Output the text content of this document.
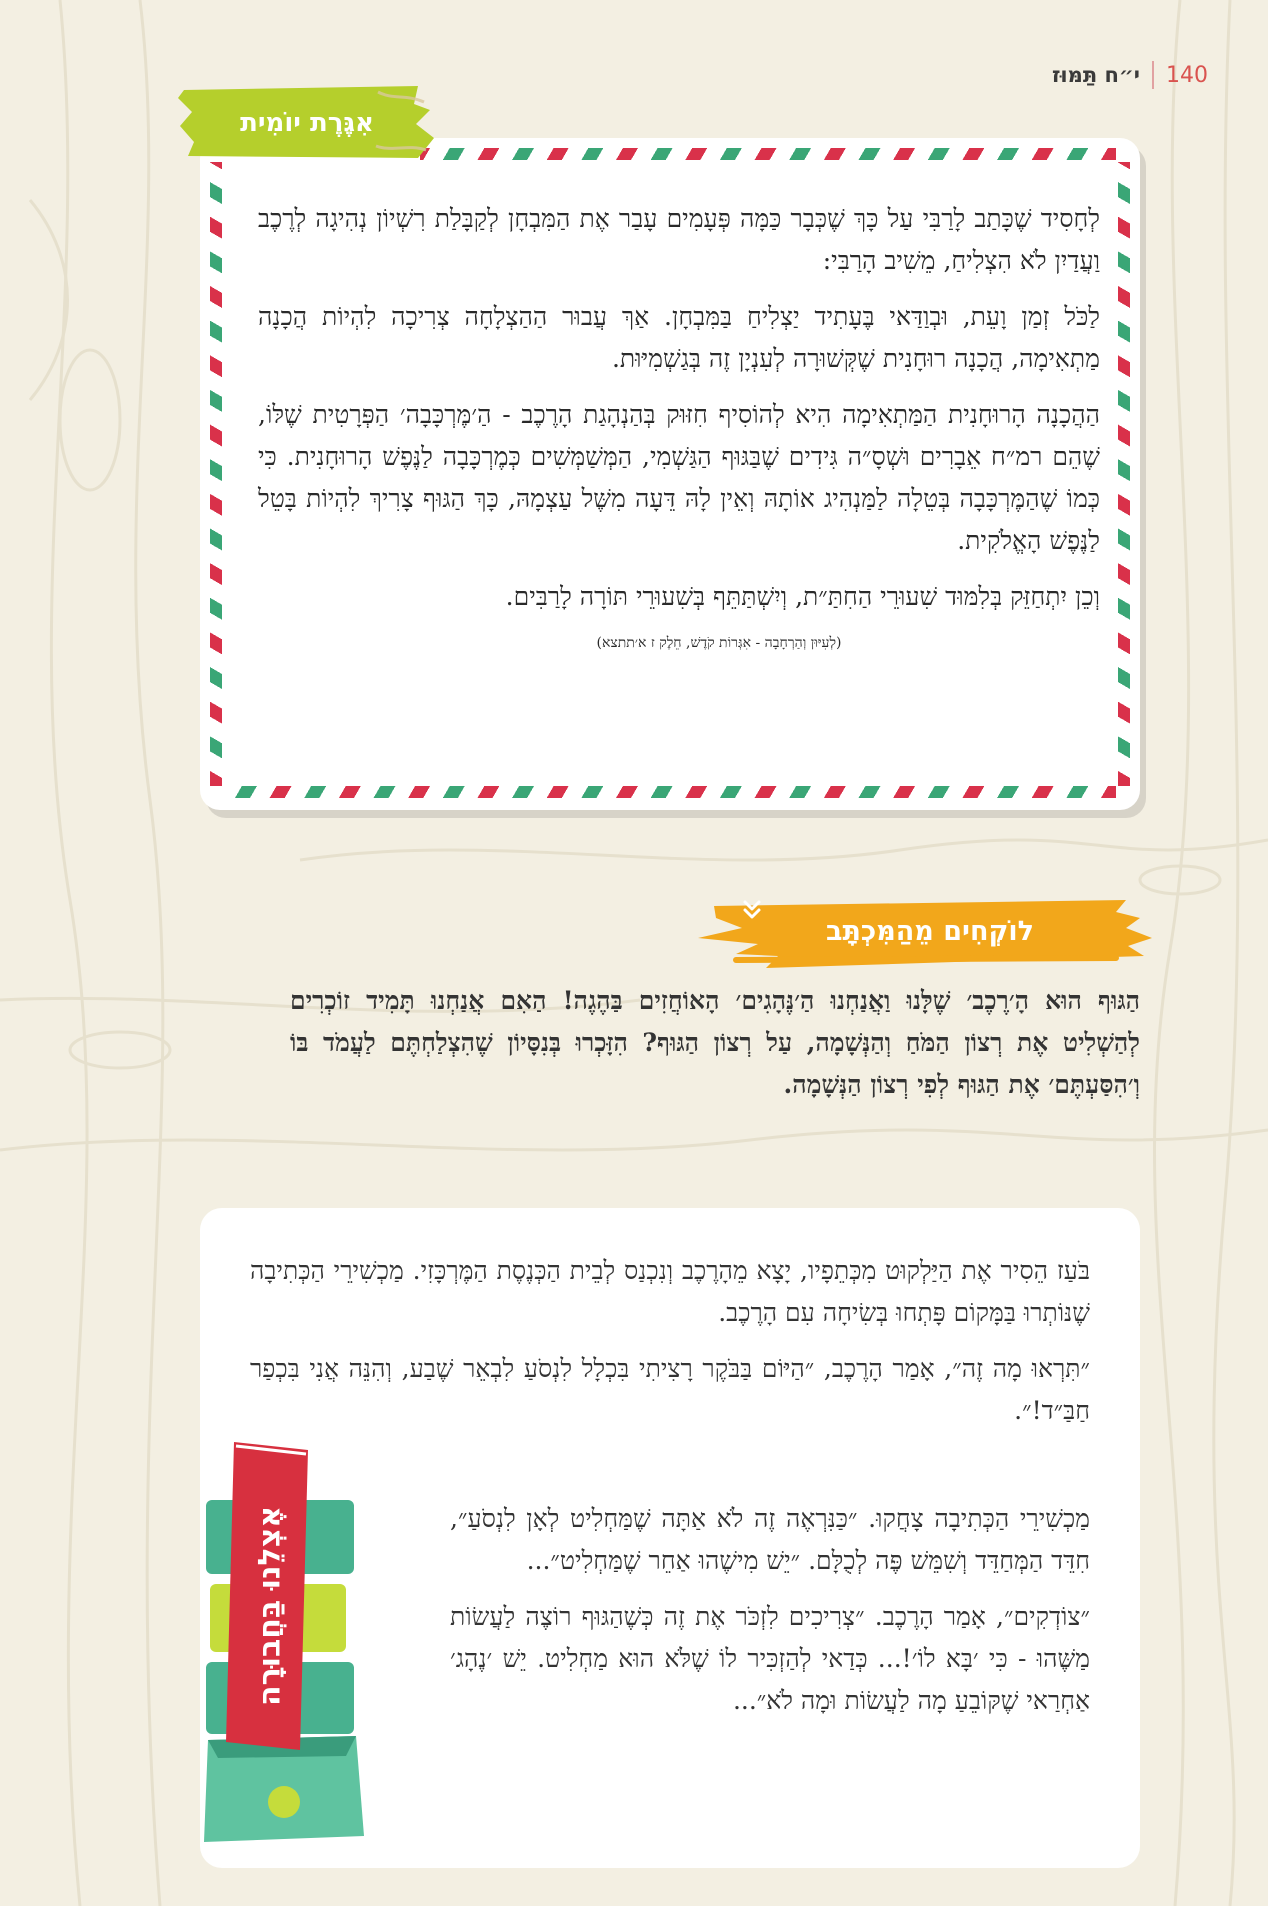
י״ח תַּמּוּז 140

לְחָסִיד שֶׁכָּתַב לָרַבִּי עַל כָּךְ שֶׁכְּבָר כַּמָּה פְּעָמִים עָבַר אֶת הַמִּבְחָן לְקַבָּלַת רִשְׁיוֹן נְהִיגָה לְרֶכֶב וַעֲדַיִן לֹא הִצְלִיחַ, מֵשִׁיב הָרַבִּי:

לַכֹּל זְמַן וָעֵת, וּבְוַדַּאי בֶּעָתִיד יַצְלִיחַ בַּמִּבְחָן. אַךְ עֲבוּר הַהַצְלָחָה צְרִיכָה לִהְיוֹת הֲכָנָה מַתְאִימָה, הֲכָנָה רוּחָנִית שֶׁקְּשׁוּרָה לְעִנְיָן זֶה בְּגַשְׁמִיּוּת.

הַהֲכָנָה הָרוּחָנִית הַמַּתְאִימָה הִיא לְהוֹסִיף חִזּוּק בְּהַנְהָגַת הָרֶכֶב - הַ׳מֶּרְכָּבָה׳ הַפְּרָטִית שֶׁלּוֹ, שֶׁהֵם רמ״ח אֵבָרִים וּשְׁסָ״ה גִּידִים שֶׁבַּגּוּף הַגַּשְׁמִי, הַמְּשַׁמְּשִׁים כְּמֶרְכָּבָה לַנֶּפֶשׁ הָרוּחָנִית. כִּי כְּמוֹ שֶׁהַמֶּרְכָּבָה בְּטֵלָה לַמַּנְהִיג אוֹתָהּ וְאֵין לָהּ דֵּעָה מִשֶּׁל עַצְמָהּ, כָּךְ הַגּוּף צָרִיךְ לִהְיוֹת בָּטֵל לַנֶּפֶשׁ הָאֱלֹקִית.

וְכֵן יִתְחַזֵּק בְּלִמּוּד שִׁעוּרֵי הַחִתַּ״ת, וְיִשְׁתַּתֵּף בְּשִׁעוּרֵי תּוֹרָה לָרַבִּים.

(לְעִיּוּן וְהַרְחָבָה - אִגְּרוֹת קֹדֶשׁ, חֵלֶק ז א׳תתצא)
אִגֶּרֶת יוֹמִית
לוֹקְחִים מֵהַמִּכְתָּב

הַגּוּף הוּא הָ׳רֶכֶב׳ שֶׁלָּנוּ וַאֲנַחְנוּ הַ׳נֶּהָגִים׳ הָאוֹחֲזִים בַּהֶגֶה! הַאִם אֲנַחְנוּ תָּמִיד זוֹכְרִים לְהַשְׁלִיט אֶת רְצוֹן הַמֹּחַ וְהַנְּשָׁמָה, עַל רְצוֹן הַגּוּף? הִזָּכְרוּ בְּנִסָּיוֹן שֶׁהִצְלַחְתֶּם לַעֲמֹד בּוֹ וְ׳הִסַּעְתֶּם׳ אֶת הַגּוּף לְפִי רְצוֹן הַנְּשָׁמָה.

בֹּעַז הֵסִיר אֶת הַיַּלְקוּט מִכְּתֵפָיו, יָצָא מֵהָרֶכֶב וְנִכְנַס לְבֵית הַכְּנֶסֶת הַמֶּרְכָּזִי. מַכְשִׁירֵי הַכְּתִיבָה שֶׁנּוֹתְרוּ בַּמָּקוֹם פָּתְחוּ בְּשִׂיחָה עִם הָרֶכֶב.

״תִּרְאוּ מָה זֶה״, אָמַר הָרֶכֶב, ״הַיּוֹם בַּבֹּקֶר רָצִיתִי בִּכְלָל לִנְסֹעַ לִבְאֵר שֶׁבַע, וְהִנֵּה אֲנִי בִּכְפַר חַבַּ״ד!״.

מַכְשִׁירֵי הַכְּתִיבָה צָחֲקוּ. ״כַּנִּרְאֶה זֶה לֹא אַתָּה שֶׁמַּחְלִיט לְאָן לִנְסֹעַ״, חִדֵּד הַמְּחַדֵּד וְשִׁמֵּשׁ פֶּה לְכֻלָּם. ״יֵשׁ מִישֶׁהוּ אַחֵר שֶׁמַּחְלִיט״...

״צוֹדְקִים״, אָמַר הָרֶכֶב. ״צְרִיכִים לִזְכֹּר אֶת זֶה כְּשֶׁהַגּוּף רוֹצֶה לַעֲשׂוֹת מַשֶּׁהוּ - כִּי ׳בָּא לוֹ׳!... כְּדַאי לְהַזְכִּיר לוֹ שֶׁלֹּא הוּא מַחְלִיט. יֵשׁ ׳נֶהָג׳ אַחְרַאי שֶׁקּוֹבֵעַ מָה לַעֲשׂוֹת וּמָה לֹא״...

אֶצְלֵנוּ בַּחֲבוּרָה
